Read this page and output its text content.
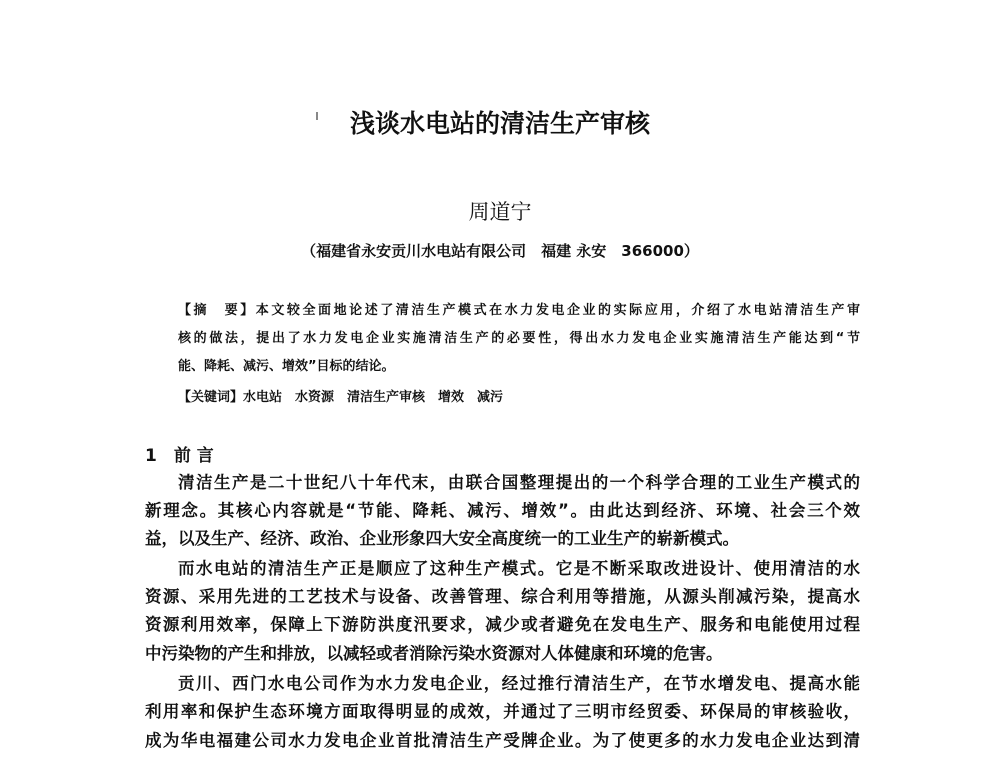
浅谈水电站的清洁生产审核
周道宁
（福建省永安贡川水电站有限公司　福建 永安　366000）
【摘　要】本文较全面地论述了清洁生产模式在水力发电企业的实际应用，介绍了水电站清洁生产审
核的做法，提出了水力发电企业实施清洁生产的必要性，得出水力发电企业实施清洁生产能达到“节
能、降耗、减污、增效”目标的结论。
【关键词】水电站　水资源　清洁生产审核　增效　减污
1　前 言
清洁生产是二十世纪八十年代末，由联合国整理提出的一个科学合理的工业生产模式的
新理念。其核心内容就是“节能、降耗、减污、增效”。由此达到经济、环境、社会三个效
益，以及生产、经济、政治、企业形象四大安全高度统一的工业生产的崭新模式。
而水电站的清洁生产正是顺应了这种生产模式。它是不断采取改进设计、使用清洁的水
资源、采用先进的工艺技术与设备、改善管理、综合利用等措施，从源头削减污染，提高水
资源利用效率，保障上下游防洪度汛要求，减少或者避免在发电生产、服务和电能使用过程
中污染物的产生和排放，以减轻或者消除污染水资源对人体健康和环境的危害。
贡川、西门水电公司作为水力发电企业，经过推行清洁生产，在节水增发电、提高水能
利用率和保护生态环境方面取得明显的成效，并通过了三明市经贸委、环保局的审核验收，
成为华电福建公司水力发电企业首批清洁生产受牌企业。为了使更多的水力发电企业达到清
